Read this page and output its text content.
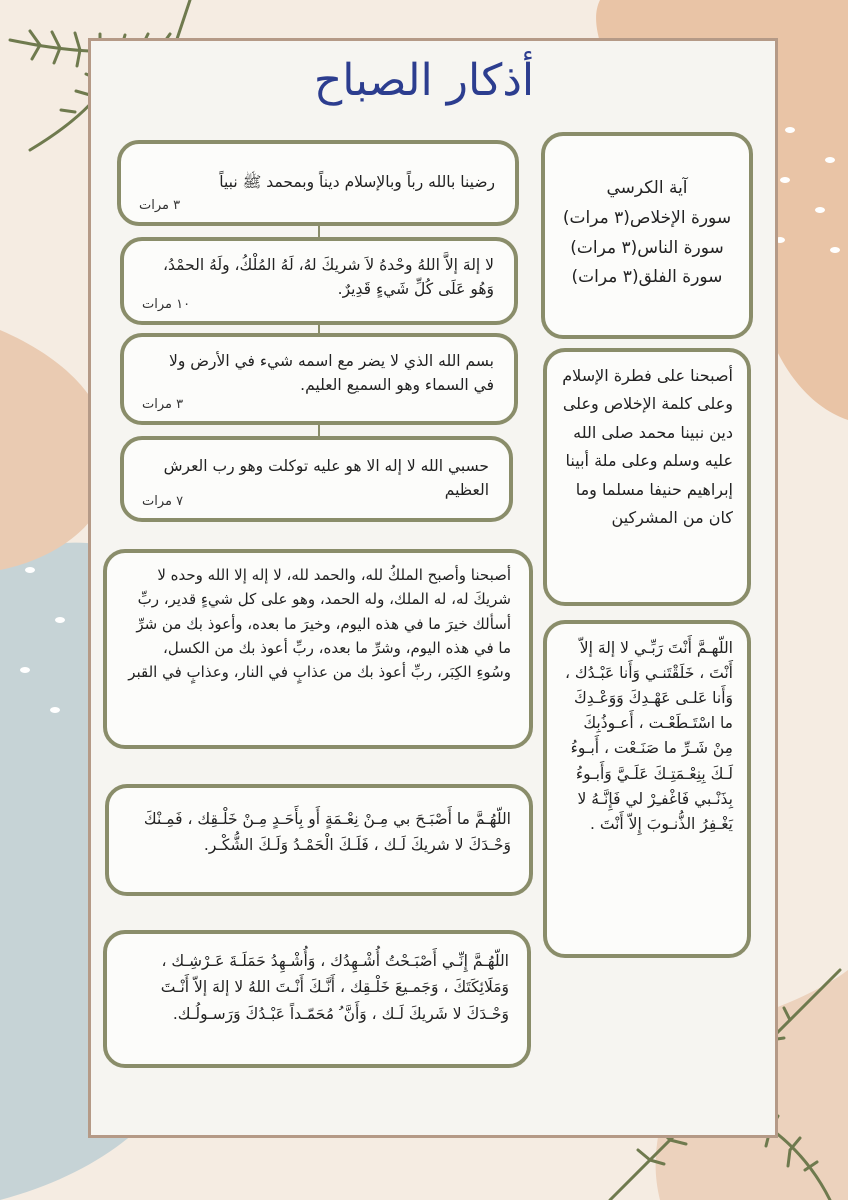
أذكار الصباح
رضينا بالله رباً وبالإسلام ديناً وبمحمد ﷺ نبياً
٣ مرات
لا إلهَ إلاَّ اللهُ وحْدهُ لاَ شريكَ لهُ، لَهُ المُلْكُ، ولَهُ الحمْدُ، وَهُو عَلَى كُلِّ شَيءٍ قَدِيرٌ.
١٠ مرات
بسم الله الذي لا يضر مع اسمه شيء في الأرض ولا في السماء وهو السميع العليم.
٣ مرات
حسبي الله لا إله الا هو عليه توكلت وهو رب العرش العظيم
٧ مرات
أصبحنا وأصبح الملكُ لله، والحمد لله، لا إله إلا الله وحده لا شريكَ له، له الملك، وله الحمد، وهو على كل شيءٍ قدير، ربِّ أسألك خيرَ ما في هذه اليوم، وخيرَ ما بعده، وأعوذ بك من شرِّ ما في هذه اليوم، وشرِّ ما بعده، ربِّ أعوذ بك من الكسل، وسُوءِ الكِبَر، ربِّ أعوذ بك من عذابٍ في النار، وعذابٍ في القبر
اللّهُـمَّ ما أَصْبَـحَ بي مِـنْ نِعْـمَةٍ أَو بِأَحَـدٍ مِـنْ خَلْـقِك ، فَمِـنْكَ وَحْـدَكَ لا شريكَ لَـك ، فَلَـكَ الْحَمْـدُ وَلَـكَ الشُّكْـر.
اللّهُـمَّ إِنِّـي أَصْبَـحْتُ أُشْـهِدُك ، وَأُشْـهِدُ حَمَلَـةَ عَـرْشِـك ، وَمَلَائِكَتَكَ ، وَجَمـيعَ خَلْـقِك ، أَنَّـكَ أَنْـتَ اللهُ لا إلهَ إلاّ أَنْـتَ وَحْـدَكَ لا شَريكَ لَـك ، وَأَنَّ ُ مُحَمّـداً عَبْـدُكَ وَرَسـولُـك.
آية الكرسي
سورة الإخلاص(٣ مرات)
سورة الناس(٣ مرات)
سورة الفلق(٣ مرات)
أصبحنا على فطرة الإسلام وعلى كلمة الإخلاص وعلى دين نبينا محمد صلى الله عليه وسلم وعلى ملة أبينا إبراهيم حنيفا مسلما وما كان من المشركين
اللّهـمَّ أَنْتَ رَبِّـي لا إلهَ إلاّ أَنْتَ ، خَلَقْتَنـي وَأَنا عَبْـدُك ، وَأَنا عَلـى عَهْـدِكَ وَوَعْـدِكَ ما اسْتَـطَعْـت ، أَعـوذُبِكَ مِنْ شَـرِّ ما صَنَـعْت ، أَبـوءُ لَـكَ بِنِعْـمَتِـكَ عَلَـيَّ وَأَبـوءُ بِذَنْـبي فَاغْفـِرْ لي فَإِنَّـهُ لا يَغْـفِرُ الذُّنـوبَ إِلاّ أَنْتَ .
